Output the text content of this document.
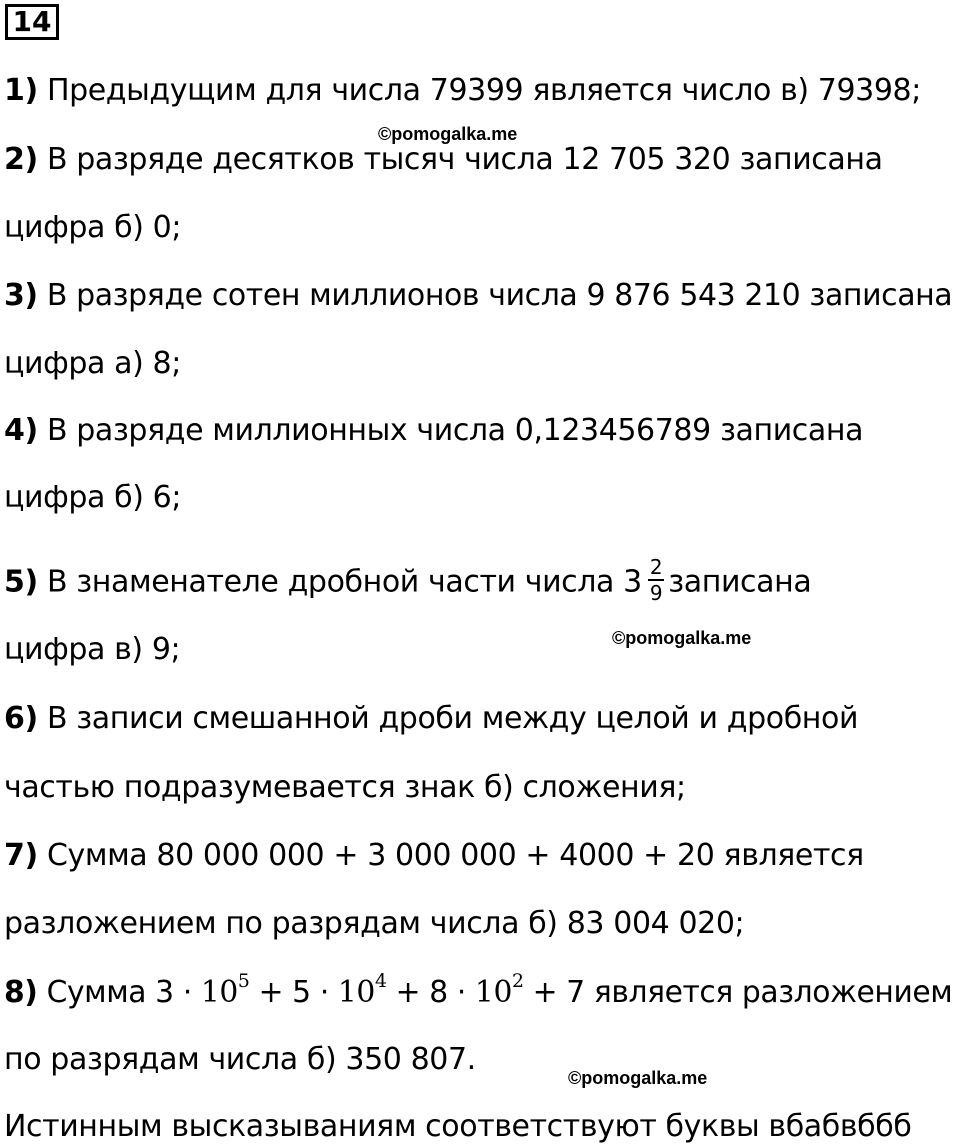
14
1) Предыдущим для числа 79399 является число в) 79398;
©pomogalka.me
2) В разряде десятков тысяч числа 12 705 320 записана
цифра б) 0;
3) В разряде сотен миллионов числа 9 876 543 210 записана
цифра а) 8;
4) В разряде миллионных числа 0,123456789 записана
цифра б) 6;
5) В знаменателе дробной части числа $3 \frac{2}{9}$ записана
цифра в) 9;	©pomogalka.me
6) В записи смешанной дроби между целой и дробной
частью подразумевается знак б) сложения;
7) Сумма 80 000 000 + 3 000 000 + 4000 + 20 является
разложением по разрядам числа б) 83 004 020;
8) Сумма $3 \cdot 10^5 + 5 \cdot 10^4 + 8 \cdot 10^2 + 7$ является разложением
по разрядам числа б) 350 807.
©pomogalka.me
Истинным высказываниям соответствуют буквы вбабвббб
